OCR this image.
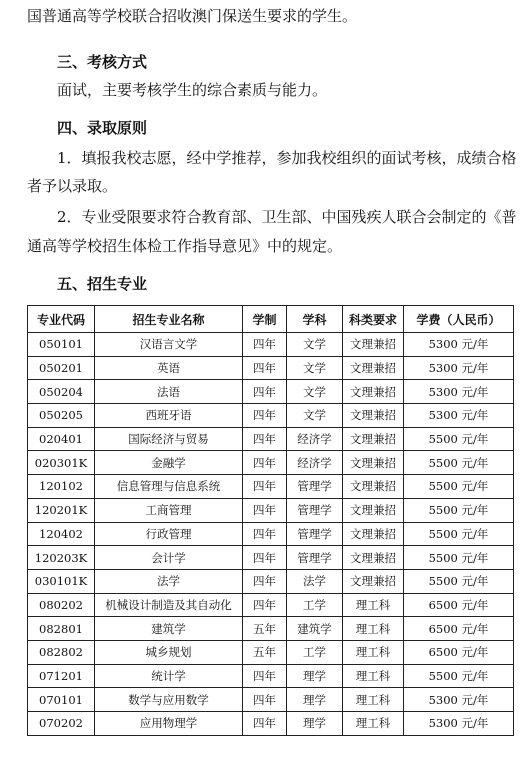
国普通高等学校联合招收澳门保送生要求的学生。
三、考核方式
面试，主要考核学生的综合素质与能力。
四、录取原则
1．填报我校志愿，经中学推荐，参加我校组织的面试考核，成绩合格
者予以录取。
2．专业受限要求符合教育部、卫生部、中国残疾人联合会制定的《普
通高等学校招生体检工作指导意见》中的规定。
五、招生专业
专业代码	招生专业名称	学制	学科	科类要求	学费（人民币）
050101	汉语言文学	四年	文学	文理兼招	5300 元/年
050201	英语	四年	文学	文理兼招	5300 元/年
050204	法语	四年	文学	文理兼招	5300 元/年
050205	西班牙语	四年	文学	文理兼招	5300 元/年
020401	国际经济与贸易	四年	经济学	文理兼招	5500 元/年
020301K	金融学	四年	经济学	文理兼招	5500 元/年
120102	信息管理与信息系统	四年	管理学	文理兼招	5500 元/年
120201K	工商管理	四年	管理学	文理兼招	5500 元/年
120402	行政管理	四年	管理学	文理兼招	5500 元/年
120203K	会计学	四年	管理学	文理兼招	5500 元/年
030101K	法学	四年	法学	文理兼招	5500 元/年
080202	机械设计制造及其自动化	四年	工学	理工科	6500 元/年
082801	建筑学	五年	建筑学	理工科	6500 元/年
082802	城乡规划	五年	工学	理工科	6500 元/年
071201	统计学	四年	理学	理工科	5500 元/年
070101	数学与应用数学	四年	理学	理工科	5300 元/年
070202	应用物理学	四年	理学	理工科	5300 元/年
